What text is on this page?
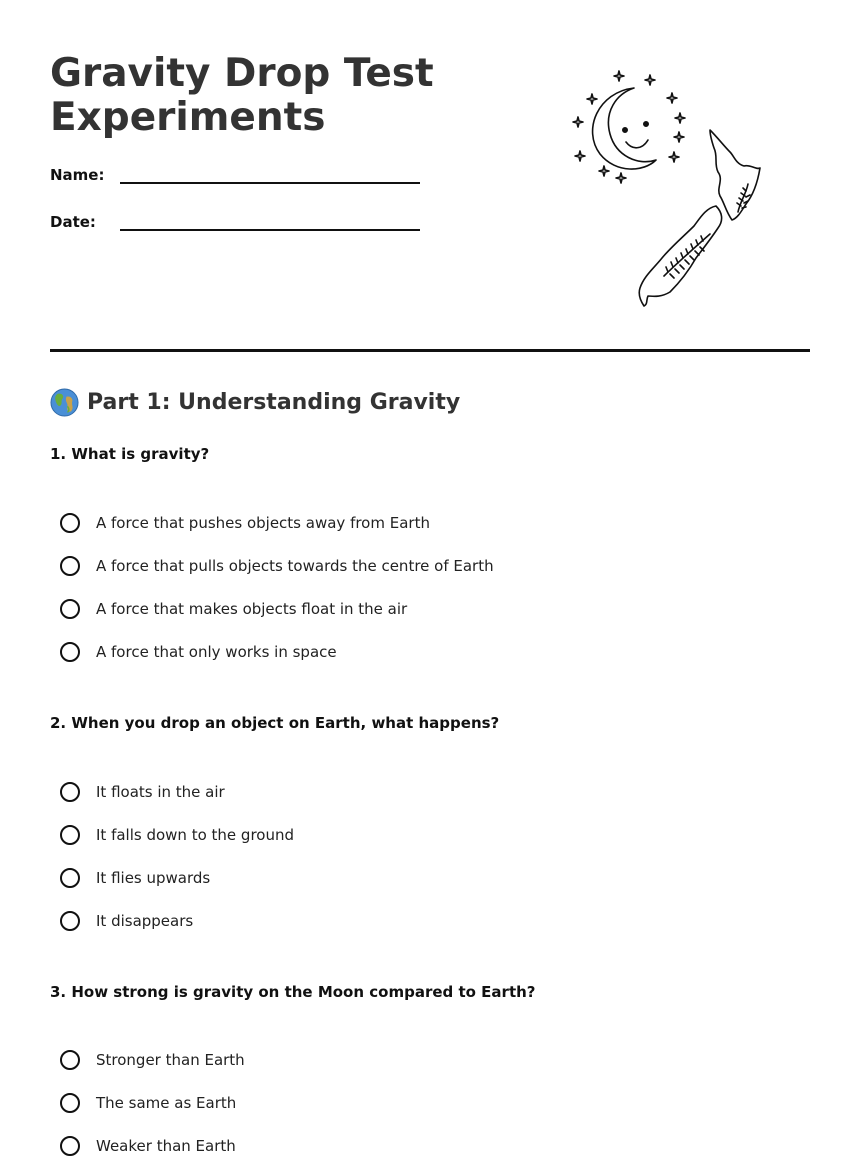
Gravity Drop Test Experiments
Name:
Date:
Part 1: Understanding Gravity

1. What is gravity?

A force that pushes objects away from Earth
A force that pulls objects towards the centre of Earth
A force that makes objects float in the air
A force that only works in space

2. When you drop an object on Earth, what happens?

It floats in the air
It falls down to the ground
It flies upwards
It disappears

3. How strong is gravity on the Moon compared to Earth?

Stronger than Earth
The same as Earth
Weaker than Earth
